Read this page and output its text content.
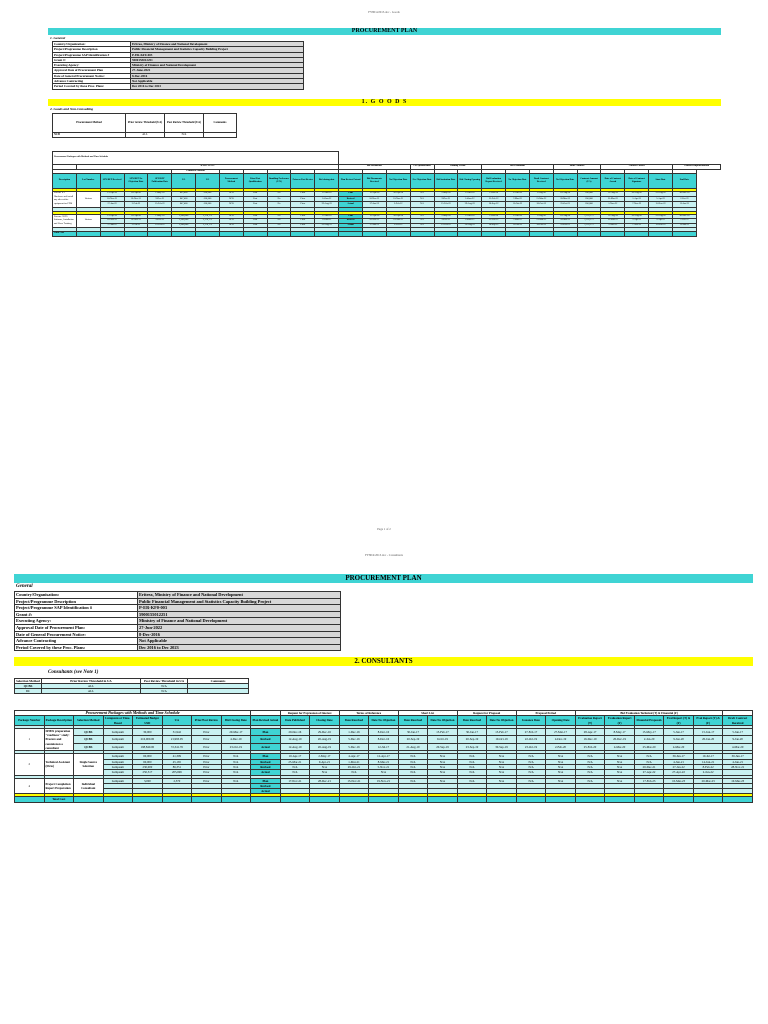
FY80/4/2013.doc - Goods
PROCUREMENT PLAN
1. General
Country/Organization:	Eritrea, Ministry of Finance and National Development
Project/Programme Description	Public Financial Management and Statistics Capacity Building Project
Project/Programme SAP Identification #	P-ER-KF0-003
Grant #:	5900155012251
Executing Agency:	Ministry of Finance and National Development
Approval Date of Procurement Plan	27-June-2022
Date of General Procurement Notice:	8-Dec-2016
Advance Contracting	Not Applicable
Period Covered by these Proc. Plans:	Dec 2016 to Dec 2023
1. G O O D S
2. Goods and Non-Consulting
Procurement Method	Prior review Threshold (UA)	Post Review Threshold (UA)	Comments
NCB	ALL	N/A	
Procurement Packages with Methods and Time Schedule																										
	BASIC DATA											Bid Documents			Pre-Qualification	Bidding Period		Bid Evaluation			Draft Contract		Contract Award			Contract Implementation
					Estimated Amount																					
Description	Lot Number	SPN/RFP Received	SPN/RFP No Objection Date	SPN/RFP Publication Date	UA	UA	Procurement Method	Prior/Post Qualification	Bundling Preference (Y/N)	Prior or Post Review	Bid closing date	Plan Revised Actual	Bid Documents Received	No Objection Date	No. Objection Date	Bid Invitation Date	Bid Closing Opening	Bid Evaluation Report Received	No Objection Date	Draft Contract Received	No Objection Date	Contract Amount (UA)	Date of Contract Award	Date of Contract Signature	Start Date	End Date

Procure ICT Hardware and install any other office equipment for PFM	Various	15-Apr-20	20-Apr-20	1-May-20	465,000	650,000	NCB	Post	No	Prior	15-Jun-20	Plan	15-Apr-20	20-Apr-20	N/A	1-May-20	15-Jun-20	15-Jul-20	25-Jul-20	1-Aug-20	10-Aug-20	650,000	15-Aug-20	20-Aug-20	25-Aug-20	30-Nov-20
		10-Nov-21	16-Nov-21	9-Dec-21	847,400	650,000	NCB	Post	No	Prior	14-Jan-22	Revised	10-Nov-21	16-Nov-21	N/A	9-Dec-21	14-Jan-22	25-Feb-22	7-Mar-22	15-Mar-22	20-Mar-22	650,000	25-Mar-22	1-Apr-22	5-Apr-22	2-Oct-22
		27-Jan-22	3-Feb-22	15-Feb-22	847,400	650,000	NCB	Post	No	Prior	29-Aug-22	Actual	27-Jan-22	3-Feb-22	N/A	15-Feb-22	29-Aug-22	30-Sep-22	15-Oct-22	20-Oct-22	25-Oct-22	650,000	1-Nov-22	7-Nov-22	15-Nov-22	15-Jan-23

Procure COTS Software, Installation and Users Training	Various	15-Apr-20	20-Apr-20	1-May-20	2,000,000	2,370,175	NCB	Post	No	Prior	15-Jun-20	Plan	15-Apr-20	20-Apr-20	N/A	1-May-20	15-Jun-20	15-Jul-20	25-Jul-20	1-Aug-20	10-Aug-20	2,370,175	15-Aug-20	20-Aug-20	25-Aug-20	30-Nov-20
		10-Nov-21	16-Nov-21	9-Dec-21	2,000,000	2,370,175	NCB	Post	No	Prior	14-Jan-22	Revised	10-Nov-21	16-Nov-21	N/A	9-Dec-21	14-Jan-22	25-Feb-22	7-Mar-22	15-Mar-22	20-Mar-22	2,370,175	25-Mar-22	1-Apr-22	5-Apr-22	2-Oct-22
		27-Jan-22	3-Feb-22	15-Feb-22	2,000,000	2,370,175	NCB	Post	No	Prior	29-Aug-22	Actual	27-Jan-22	3-Feb-22	N/A	15-Feb-22	29-Aug-22	30-Sep-22	15-Oct-22	20-Oct-22	25-Oct-22	2,370,175	1-Nov-22	7-Nov-22	15-Nov-22	15-Jan-23

Total Cost																										
Page 1 of 2
FY80/4/2013.doc - Consultants
PROCUREMENT PLAN
General
Country/Organisation:	Eritrea, Ministry of Finance and National Development
Project/Programme Description	Public Financial Management and Statistics Capacity Building Project
Project/Programme SAP Identification #	P-ER-KF0-003
Grant #:	5900155012251
Executing Agency:	Ministry of Finance and National Development
Approval Date of Procurement Plan:	27-Jun-2022
Date of General Procurement Notice:	8-Dec-2016
Advance Contracting	Not Applicable
Period Covered by these Proc. Plans:	Dec 2016 to Dec 2023
2. CONSULTANTS
Consultants (see Note 1)
Selection Method	Prior Review Threshold in UA	Post Review Threshold in UA	Comments
QCBS	ALL	N/A	
IC	ALL	N/A	
Procurement Packages with Methods and Time Schedule									Request for Expression of Interest		Terms of Reference		Short List		Request for Proposal		Proposal Period		Bid Evaluation Technical (T) & Financial (F)					
Package Number	Package Description	Selection Method	Lumpsum or Time-Based	Estimated Budget USD	UA	Prior/Post Review	Bid Closing Date	Plan Revised Actual	Date Published	Closing Date	Date Received	Date No Objection	Date Received	Date No Objection	Date Received	Date No Objection	Issuance Date	Opening Date	Evaluation Report (T)	Evaluation Report (F)	Financial Proposals	Eval Report (T) & (F)	Eval Report (T) & (F)	Draft Contract Received

1	IFMIS preparation "readiness" study: Procure and commission a consultant	QCBS	Lumpsum	30,000	31,942	Prior	29-Mar-17	Plan	29-Dec-16	29-Dec-16	1-Dec-16	8-Dec-16	30-Jan-17	15-Feb-17	30-Jan-17	15-Feb-17	27-Feb-17	27-Mar-17	28-Apr-17	8-May-17	15-May-17	5-Jun-17	15-Jun-17	5-Jun-17
		QCBS	Lumpsum	216,000.00	21,993.05	Prior	4-Dec-19	Revised	12-Aug-19	26-Aug-19	5-Dec-16	8-Dec-16	20-Sep-19	9-Oct-19	20-Sep-19	19-Oct-19	22-Oct-19	4-Dec-19	16-Dec-19	20-Dec-19	2-Jan-20	9-Jan-20	20-Jan-20	9-Jan-20
		QCBS	Lumpsum	198,840.00	72,341.76	Prior	23-Oct-19	Actual	12-Aug-19	26-Aug-19	5-Dec-16	12-Jul-17	21-Aug-19	20-Sep-19	23-Sep-19	30-Sep-19	23-Oct-19	2-Feb-20	25-Feb-20	4-Mar-20	25-Mar-20	4-Mar-20		4-Mar-20

2	Technical Assistant (Firm)	Single Source Selection	Lumpsum	60,000	41,309	Prior	N/A	Plan	10-Apr-17	2-May-17	4-Apr-17	12-Apr-17	N/A	N/A	N/A	N/A	N/A	N/A	N/A	N/A	N/A	30-Jun-17	10-Jul-17	30-Jun-17
			Lumpsum	60,000	45,165	Prior	N/A	Revised	25-Mar-21	9-Apr-21	1-Mar-21	8-Mar-21	N/A	N/A	N/A	N/A	N/A	N/A	N/A	N/A	N/A	4-Jun-21	14-Jun-21	4-Jun-21
			Lumpsum	230,000	86,351	Prior	N/A	Revised	N/A	N/A	29-Oct-21	5-Nov-21	N/A	N/A	N/A	N/A	N/A	N/A	N/A	N/A	20-Dec-21	27-Jan-22	8-Feb-22	28-Nov-21
			Lumpsum	250,517	205,696	Prior	N/A	Actual	N/A	N/A	N/A	N/A	N/A	N/A	N/A	N/A	N/A	N/A	N/A	N/A	27-Apr-22	27-Apr-22	2-Jun-22	

4	Project Completion Report Preparation	Individual Consultant	Lumpsum	3,000	2,370	Prior	N/A	Plan	17-Nov-21	28-Dec-21	13-Nov-21	19-Nov-21	N/A	N/A	N/A	N/A	N/A	N/A	N/A	N/A	17-Feb-23	10-Mar-23	20-Mar-23	10-Mar-23
								Revised																
								Actual																

	Total Cost																							
